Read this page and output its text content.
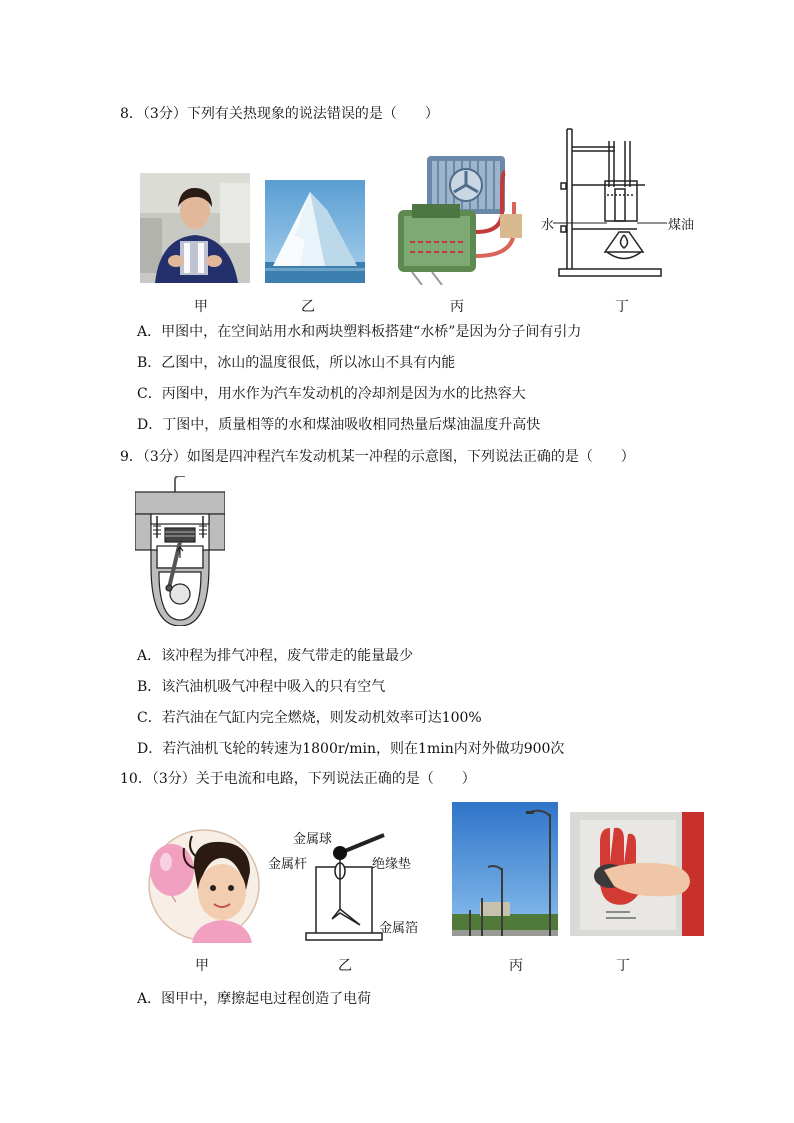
8．（3分）下列有关热现象的说法错误的是（　　）
水	煤油
甲	乙	丙	丁
A．甲图中，在空间站用水和两块塑料板搭建“水桥”是因为分子间有引力
B．乙图中，冰山的温度很低，所以冰山不具有内能
C．丙图中，用水作为汽车发动机的冷却剂是因为水的比热容大
D．丁图中，质量相等的水和煤油吸收相同热量后煤油温度升高快
9．（3分）如图是四冲程汽车发动机某一冲程的示意图，下列说法正确的是（　　）
A．该冲程为排气冲程，废气带走的能量最少
B．该汽油机吸气冲程中吸入的只有空气
C．若汽油在气缸内完全燃烧，则发动机效率可达100%
D．若汽油机飞轮的转速为1800r/min，则在1min内对外做功900次
10．（3分）关于电流和电路，下列说法正确的是（　　）
金属球
金属杆	绝缘垫
金属箔
甲	乙	丙	丁
A．图甲中，摩擦起电过程创造了电荷
